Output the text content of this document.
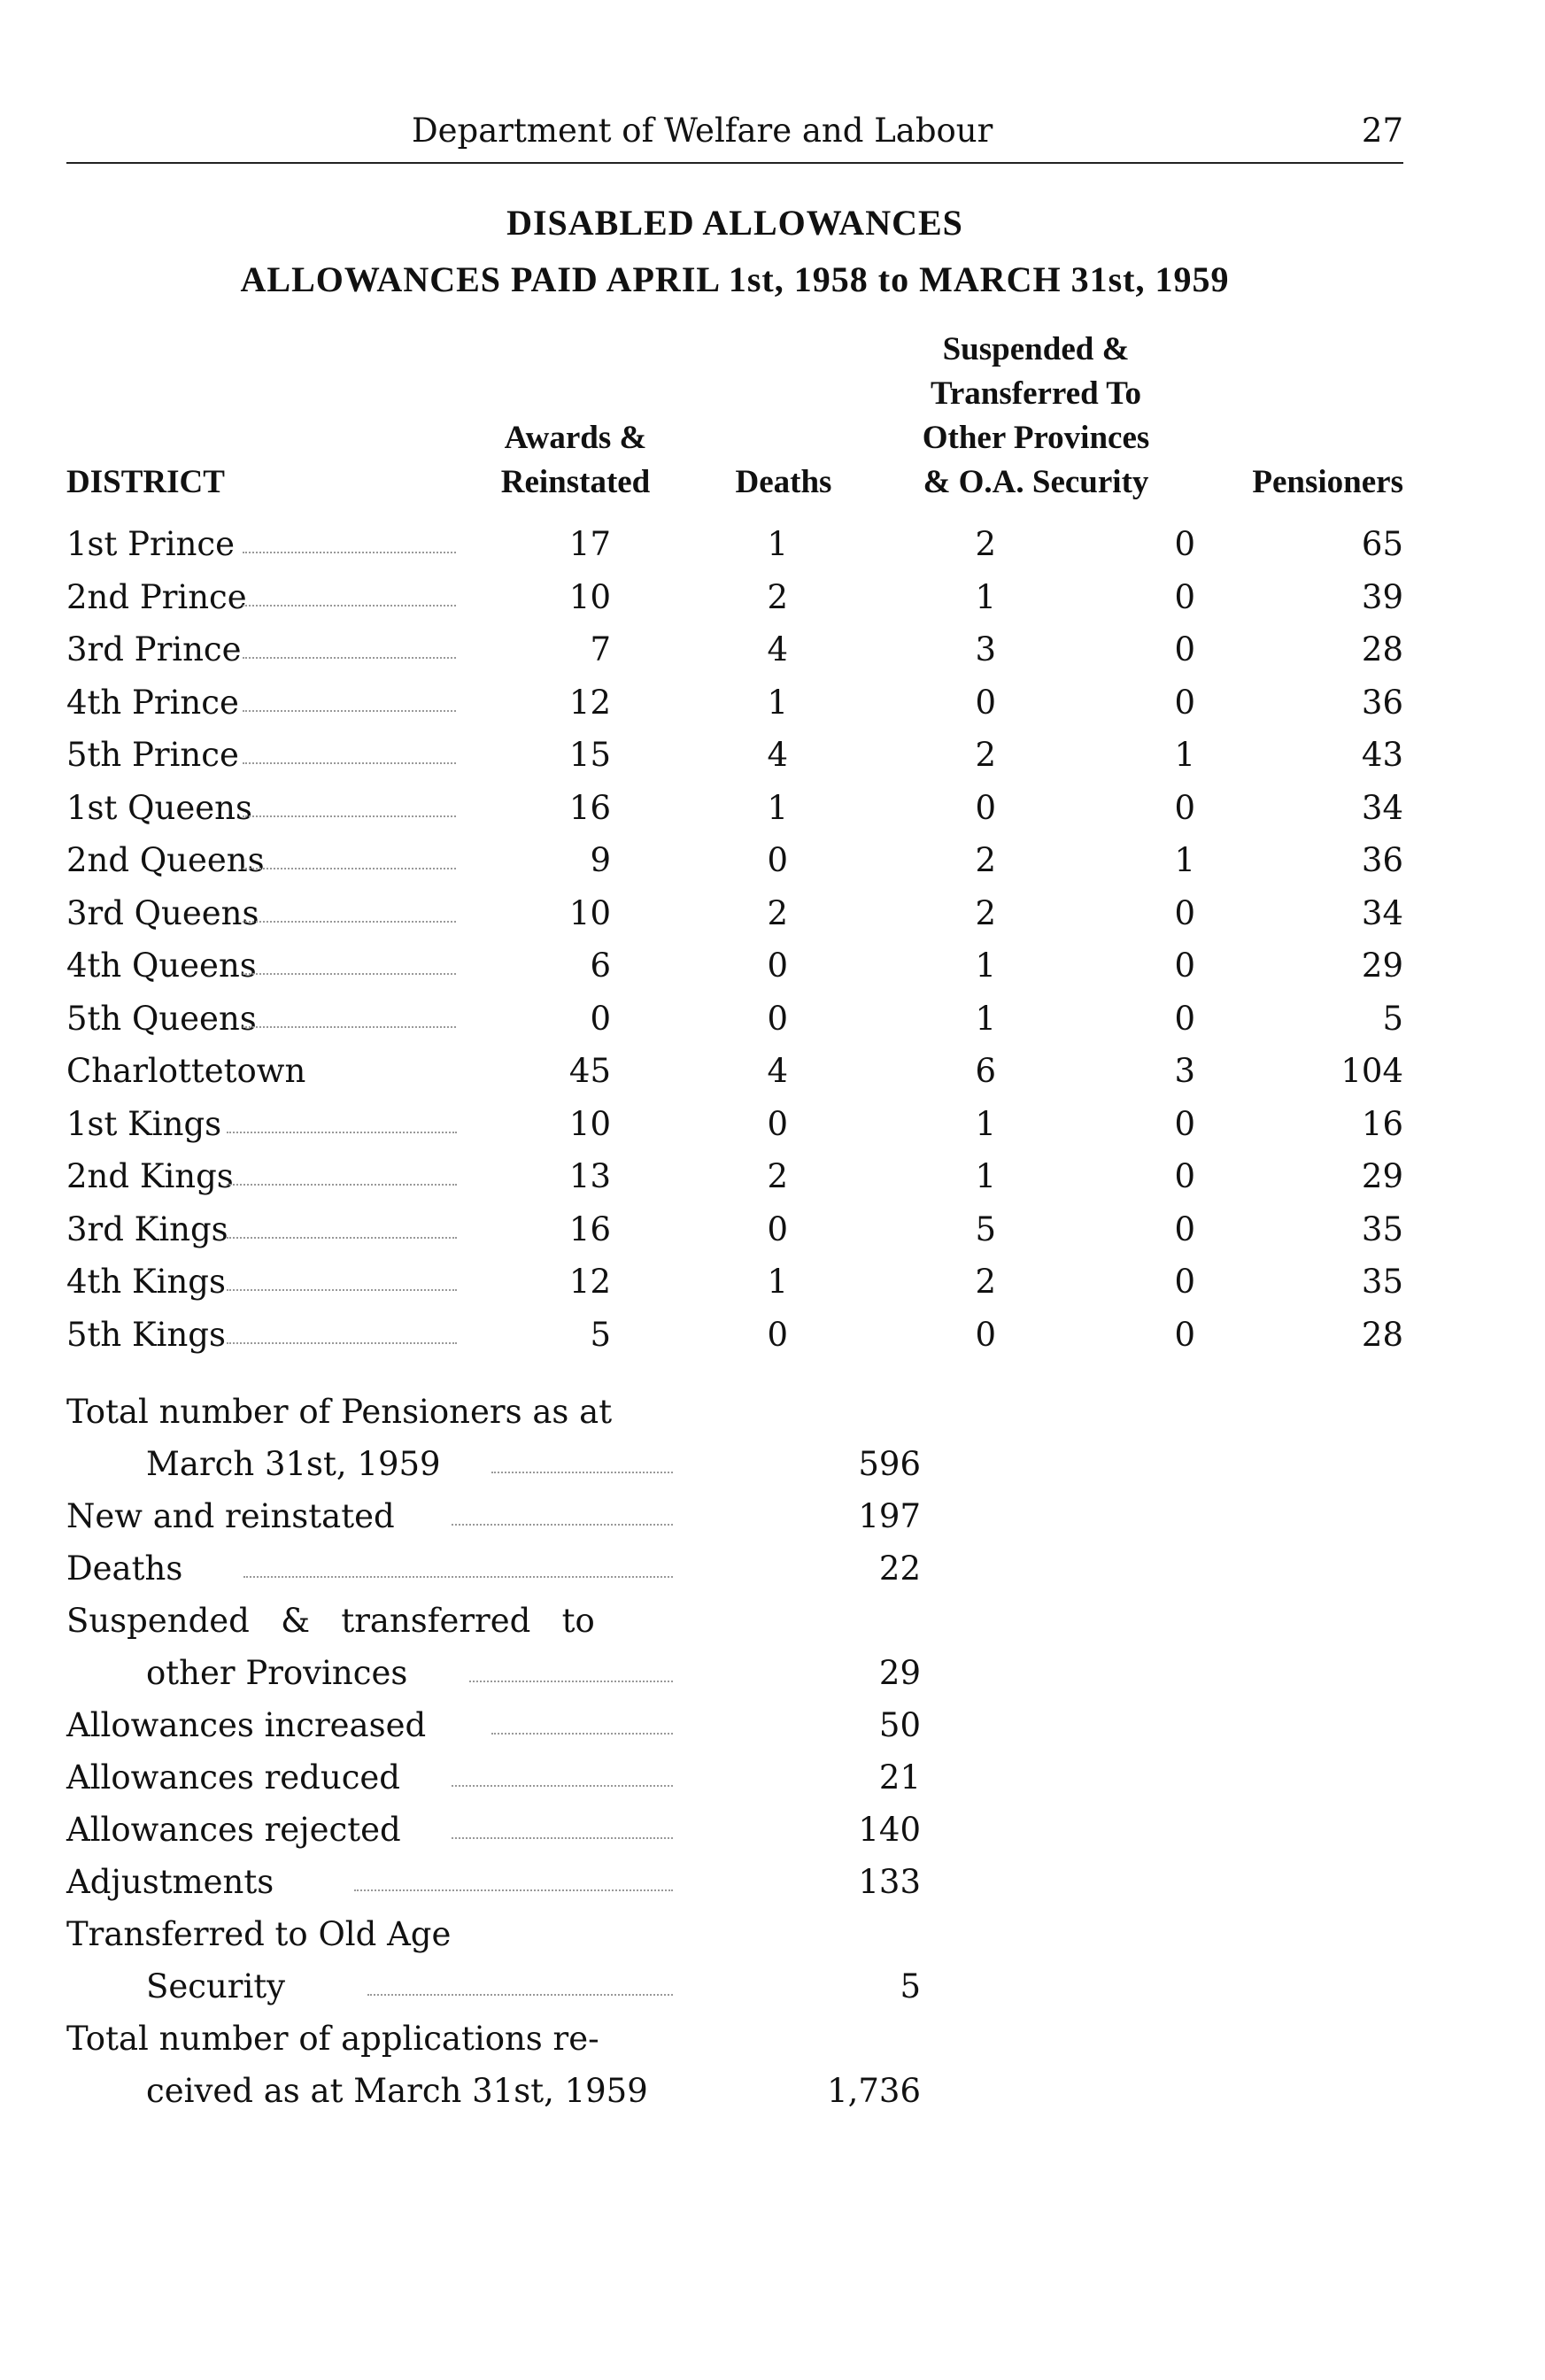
Department of Welfare and Labour	27
DISABLED ALLOWANCES
ALLOWANCES PAID APRIL 1st, 1958 to MARCH 31st, 1959
DISTRICT
Awards &
Reinstated	Deaths
Suspended &
Transferred To
Other Provinces
& O.A. Security	Pensioners
1st Prince	17	1	2	0	65
2nd Prince	10	2	1	0	39
3rd Prince	7	4	3	0	28
4th Prince	12	1	0	0	36
5th Prince	15	4	2	1	43
1st Queens	16	1	0	0	34
2nd Queens	9	0	2	1	36
3rd Queens	10	2	2	0	34
4th Queens	6	0	1	0	29
5th Queens	0	0	1	0	5
Charlottetown	45	4	6	3	104
1st Kings	10	0	1	0	16
2nd Kings	13	2	1	0	29
3rd Kings	16	0	5	0	35
4th Kings	12	1	2	0	35
5th Kings	5	0	0	0	28
Total number of Pensioners as at
March 31st, 1959	596
New and reinstated	197
Deaths	22
Suspended   &   transferred   to
other Provinces	29
Allowances increased	50
Allowances reduced	21
Allowances rejected	140
Adjustments	133
Transferred to Old Age
Security	5
Total number of applications re-
ceived as at March 31st, 1959	1,736
